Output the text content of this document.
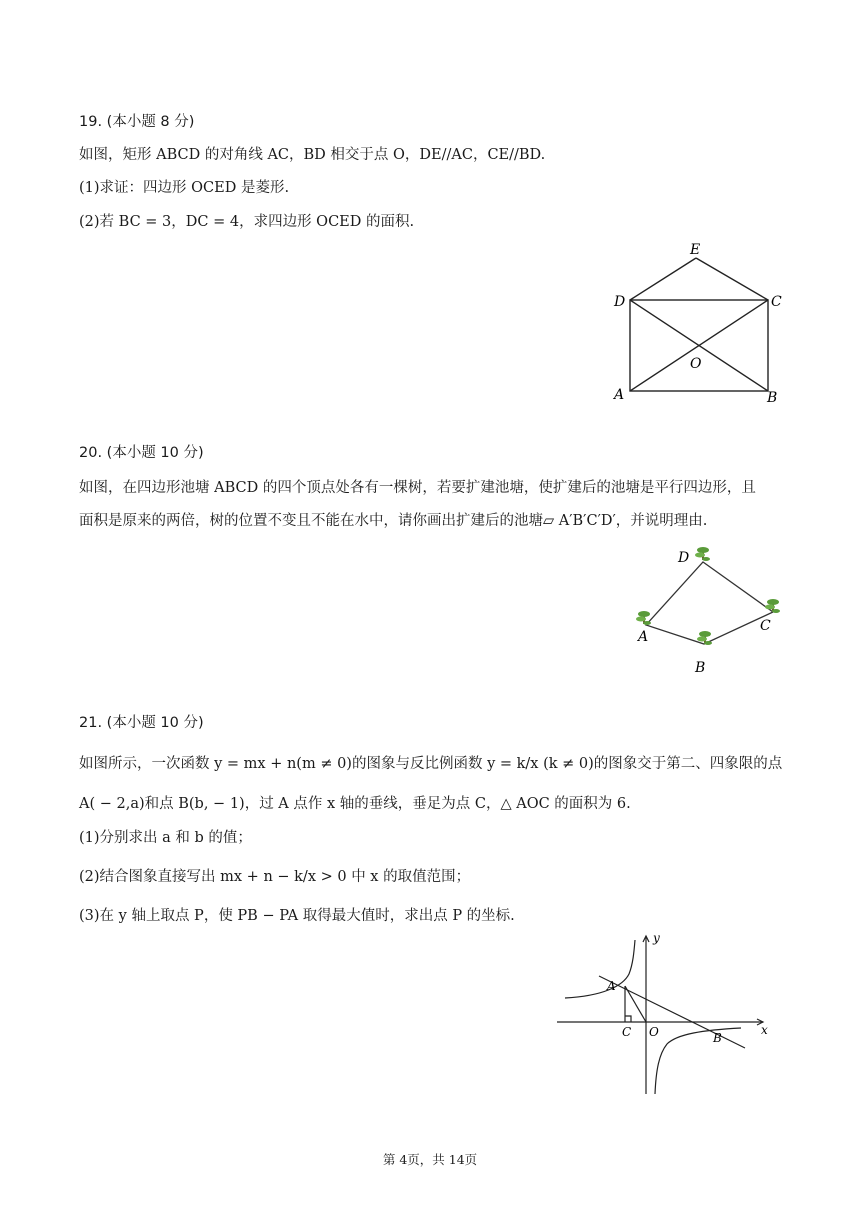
19. (本小题 8 分)
如图，矩形 ABCD 的对角线 AC，BD 相交于点 O，DE//AC，CE//BD.
(1)求证：四边形 OCED 是菱形.
(2)若 BC = 3，DC = 4，求四边形 OCED 的面积.
E
D	C
O
A	B
20. (本小题 10 分)
如图，在四边形池塘 ABCD 的四个顶点处各有一棵树，若要扩建池塘，使扩建后的池塘是平行四边形，且
面积是原来的两倍，树的位置不变且不能在水中，请你画出扩建后的池塘▱ A′B′C′D′，并说明理由.
D
A
C
B
21. (本小题 10 分)
如图所示，一次函数 y = mx + n(m ≠ 0)的图象与反比例函数 y = k/x (k ≠ 0)的图象交于第二、四象限的点
A( − 2,a)和点 B(b, − 1)，过 A 点作 x 轴的垂线，垂足为点 C，△ AOC 的面积为 6.
(1)分别求出 a 和 b 的值；
(2)结合图象直接写出 mx + n − k/x > 0 中 x 的取值范围；
(3)在 y 轴上取点 P，使 PB − PA 取得最大值时，求出点 P 的坐标.
y
x
A
C O	B
第 4页，共 14页
